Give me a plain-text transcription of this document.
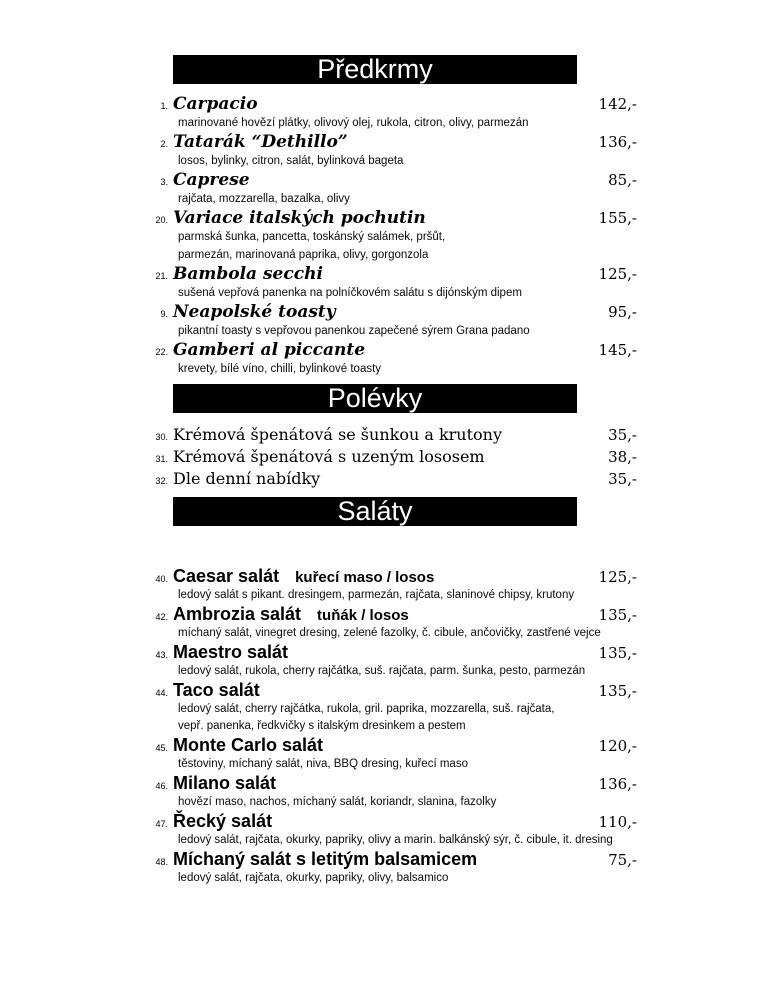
Předkrmy
1. Carpacio	142,-
marinované hovězí plátky, olivový olej, rukola, citron, olivy, parmezán
2. Tatarák “Dethillo”	136,-
losos, bylinky, citron, salát, bylinková bageta
3. Caprese	85,-
rajčata, mozzarella, bazalka, olivy
20. Variace italských pochutin	155,-
parmská šunka, pancetta, toskánský salámek, pršůt,
parmezán, marinovaná paprika, olivy, gorgonzola
21. Bambola secchi	125,-
sušená vepřová panenka na polníčkovém salátu s dijónským dipem
9. Neapolské toasty	95,-
pikantní toasty s vepřovou panenkou zapečené sýrem Grana padano
22. Gamberi al piccante	145,-
krevety, bílé víno, chilli, bylinkové toasty
Polévky
30. Krémová špenátová se šunkou a krutony	35,-
31. Krémová špenátová s uzeným lososem	38,-
32. Dle denní nabídky	35,-
Saláty
40. Caesar salát kuřecí maso / losos	125,-
ledový salát s pikant. dresingem, parmezán, rajčata, slaninové chipsy, krutony
42. Ambrozia salát tuňák / losos	135,-
míchaný salát, vinegret dresing, zelené fazolky, č. cibule, ančovičky, zastřené vejce
43. Maestro salát	135,-
ledový salát, rukola, cherry rajčátka, suš. rajčata, parm. šunka, pesto, parmezán
44. Taco salát	135,-
ledový salát, cherry rajčátka, rukola, gril. paprika, mozzarella, suš. rajčata,
vepř. panenka, ředkvičky s italským dresinkem a pestem
45. Monte Carlo salát	120,-
těstoviny, míchaný salát, niva, BBQ dresing, kuřecí maso
46. Milano salát	136,-
hovězí maso, nachos, míchaný salát, koriandr, slanina, fazolky
47. Řecký salát	110,-
ledový salát, rajčata, okurky, papriky, olivy a marin. balkánský sýr, č. cibule, it. dresing
48. Míchaný salát s letitým balsamicem	75,-
ledový salát, rajčata, okurky, papriky, olivy, balsamico
